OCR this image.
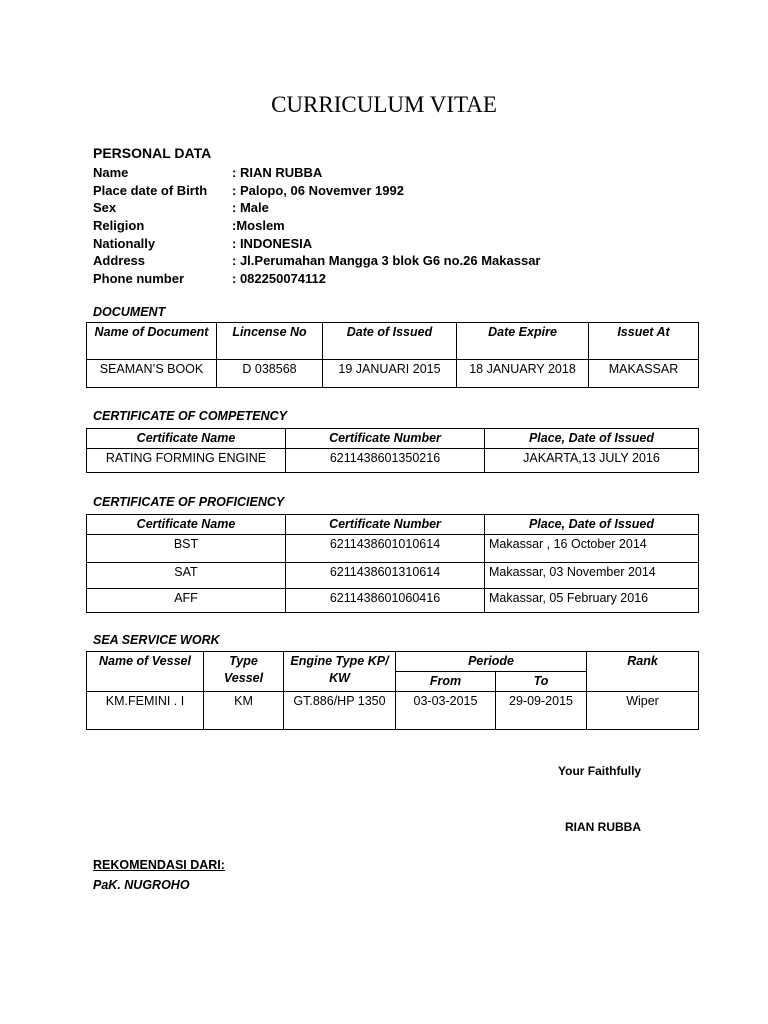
CURRICULUM VITAE
PERSONAL DATA
Name	: RIAN RUBBA
Place date of Birth : Palopo, 06 Novemver 1992
Sex	: Male
Religion	:Moslem
Nationally	: INDONESIA
Address	: Jl.Perumahan Mangga 3 blok G6 no.26 Makassar
Phone number	: 082250074112
DOCUMENT
Name of Document	Lincense No	Date of Issued	Date Expire	Issuet At
SEAMAN’S BOOK	D 038568	19 JANUARI 2015	18 JANUARY 2018	MAKASSAR
CERTIFICATE OF COMPETENCY
Certificate Name	Certificate Number	Place, Date of Issued
RATING FORMING ENGINE	6211438601350216	JAKARTA,13 JULY 2016
CERTIFICATE OF PROFICIENCY
Certificate Name	Certificate Number	Place, Date of Issued
BST	6211438601010614	Makassar , 16 October 2014
SAT	6211438601310614	Makassar, 03 November 2014
AFF	6211438601060416	Makassar, 05 February 2016
SEA SERVICE WORK
Name of Vessel	Type Vessel	Engine Type KP/ KW	Periode		Rank
			From	To	
KM.FEMINI . I	KM	GT.886/HP 1350	03-03-2015	29-09-2015	Wiper
Your Faithfully
RIAN RUBBA
REKOMENDASI DARI:
PaK. NUGROHO
